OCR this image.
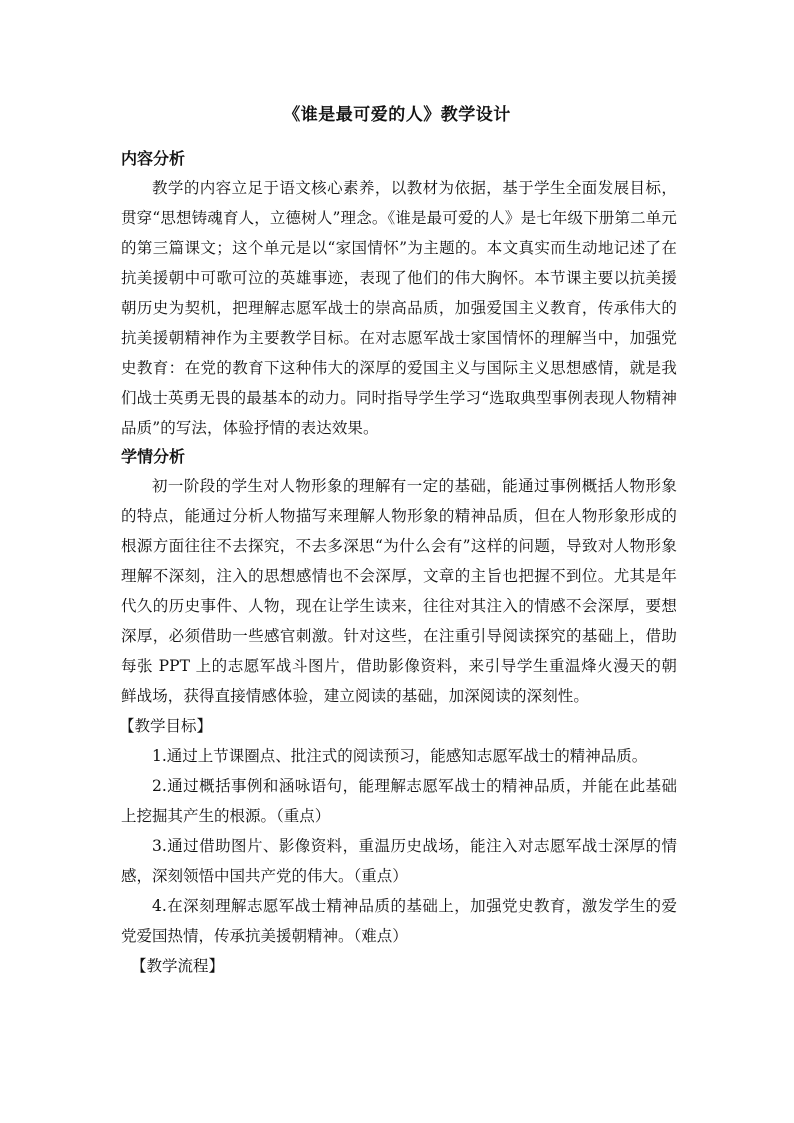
《谁是最可爱的人》教学设计

内容分析

教学的内容立足于语文核心素养，以教材为依据，基于学生全面发展目标，贯穿“思想铸魂育人，立德树人”理念。《谁是最可爱的人》是七年级下册第二单元的第三篇课文；这个单元是以“家国情怀”为主题的。本文真实而生动地记述了在抗美援朝中可歌可泣的英雄事迹，表现了他们的伟大胸怀。本节课主要以抗美援朝历史为契机，把理解志愿军战士的崇高品质，加强爱国主义教育，传承伟大的抗美援朝精神作为主要教学目标。在对志愿军战士家国情怀的理解当中，加强党史教育：在党的教育下这种伟大的深厚的爱国主义与国际主义思想感情，就是我们战士英勇无畏的最基本的动力。同时指导学生学习“选取典型事例表现人物精神品质”的写法，体验抒情的表达效果。

学情分析

初一阶段的学生对人物形象的理解有一定的基础，能通过事例概括人物形象的特点，能通过分析人物描写来理解人物形象的精神品质，但在人物形象形成的根源方面往往不去探究，不去多深思“为什么会有”这样的问题，导致对人物形象理解不深刻，注入的思想感情也不会深厚，文章的主旨也把握不到位。尤其是年代久的历史事件、人物，现在让学生读来，往往对其注入的情感不会深厚，要想深厚，必须借助一些感官刺激。针对这些，在注重引导阅读探究的基础上，借助每张 PPT 上的志愿军战斗图片，借助影像资料，来引导学生重温烽火漫天的朝鲜战场，获得直接情感体验，建立阅读的基础，加深阅读的深刻性。

【教学目标】

1.通过上节课圈点、批注式的阅读预习，能感知志愿军战士的精神品质。

2.通过概括事例和涵咏语句，能理解志愿军战士的精神品质，并能在此基础上挖掘其产生的根源。（重点）

3.通过借助图片、影像资料，重温历史战场，能注入对志愿军战士深厚的情感，深刻领悟中国共产党的伟大。（重点）

4.在深刻理解志愿军战士精神品质的基础上，加强党史教育，激发学生的爱党爱国热情，传承抗美援朝精神。（难点）

【教学流程】
